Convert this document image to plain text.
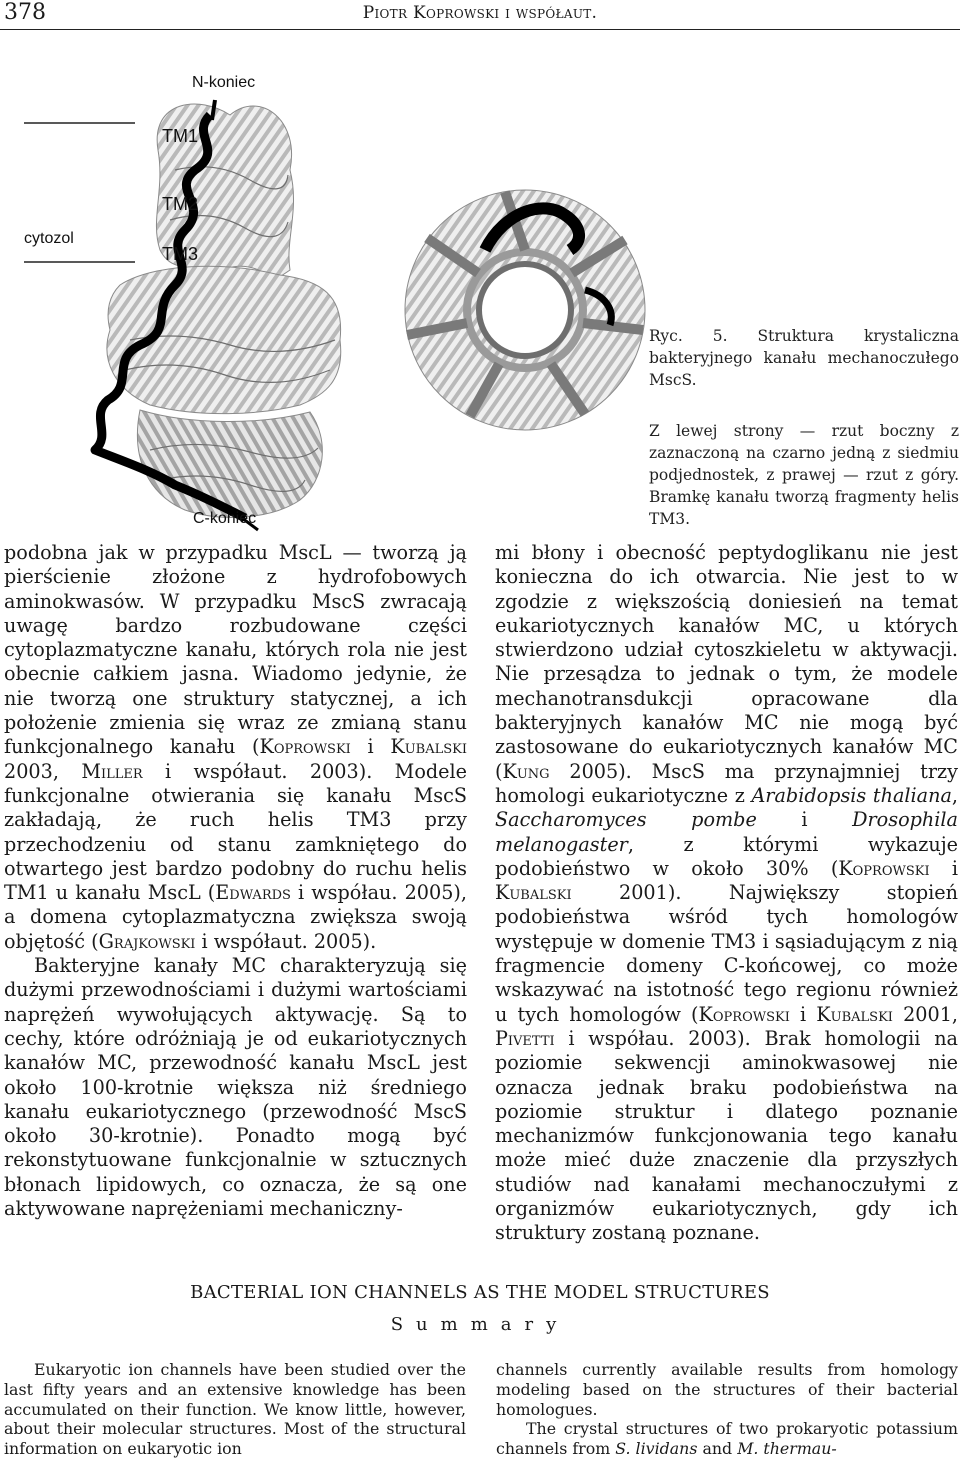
378	Piotr Koprowski i współaut.
N-koniec
TM1
TM2
cytozol
TM3
C-koniec
Ryc. 5. Struktura krystaliczna bakteryjnego kanału mechanoczułego MscS.
Z lewej strony — rzut boczny z zaznaczoną na czarno jedną z siedmiu podjednostek, z prawej — rzut z góry. Bramkę kanału tworzą fragmenty helis TM3.

podobna jak w przypadku MscL — tworzą ją pierścienie złożone z hydrofobowych aminokwasów. W przypadku MscS zwracają uwagę bardzo rozbudowane części cytoplazmatyczne kanału, których rola nie jest obecnie całkiem jasna. Wiadomo jedynie, że nie tworzą one struktury statycznej, a ich położenie zmienia się wraz ze zmianą stanu funkcjonalnego kanału (Koprowski i Kubalski 2003, Miller i współaut. 2003). Modele funkcjonalne otwierania się kanału MscS zakładają, że ruch helis TM3 przy przechodzeniu od stanu zamkniętego do otwartego jest bardzo podobny do ruchu helis TM1 u kanału MscL (Edwards i współau. 2005), a domena cytoplazmatyczna zwiększa swoją objętość (Grajkowski i współaut. 2005).

Bakteryjne kanały MC charakteryzują się dużymi przewodnościami i dużymi wartościami naprężeń wywołujących aktywację. Są to cechy, które odróżniają je od eukariotycznych kanałów MC, przewodność kanału MscL jest około 100-krotnie większa niż średniego kanału eukariotycznego (przewodność MscS około 30-krotnie). Ponadto mogą być rekonstytuowane funkcjonalnie w sztucznych błonach lipidowych, co oznacza, że są one aktywowane naprężeniami mechaniczny-

mi błony i obecność peptydoglikanu nie jest konieczna do ich otwarcia. Nie jest to w zgodzie z większością doniesień na temat eukariotycznych kanałów MC, u których stwierdzono udział cytoszkieletu w aktywacji. Nie przesądza to jednak o tym, że modele mechanotransdukcji opracowane dla bakteryjnych kanałów MC nie mogą być zastosowane do eukariotycznych kanałów MC (Kung 2005). MscS ma przynajmniej trzy homologi eukariotyczne z Arabidopsis thaliana, Saccharomyces pombe i Drosophila melanogaster, z którymi wykazuje podobieństwo w około 30% (Koprowski i Kubalski 2001). Największy stopień podobieństwa wśród tych homologów występuje w domenie TM3 i sąsiadującym z nią fragmencie domeny C-końcowej, co może wskazywać na istotność tego regionu również u tych homologów (Koprowski i Kubalski 2001, Pivetti i współau. 2003). Brak homologii na poziomie sekwencji aminokwasowej nie oznacza jednak braku podobieństwa na poziomie struktur i dlatego poznanie mechanizmów funkcjonowania tego kanału może mieć duże znaczenie dla przyszłych studiów nad kanałami mechanoczułymi z organizmów eukariotycznych, gdy ich struktury zostaną poznane.

BACTERIAL ION CHANNELS AS THE MODEL STRUCTURES
Summary

Eukaryotic ion channels have been studied over the last fifty years and an extensive knowledge has been accumulated on their function. We know little, however, about their molecular structures. Most of the structural information on eukaryotic ion

channels currently available results from homology modeling based on the structures of their bacterial homologues.

The crystal structures of two prokaryotic potassium channels from S. lividans and M. thermau-
